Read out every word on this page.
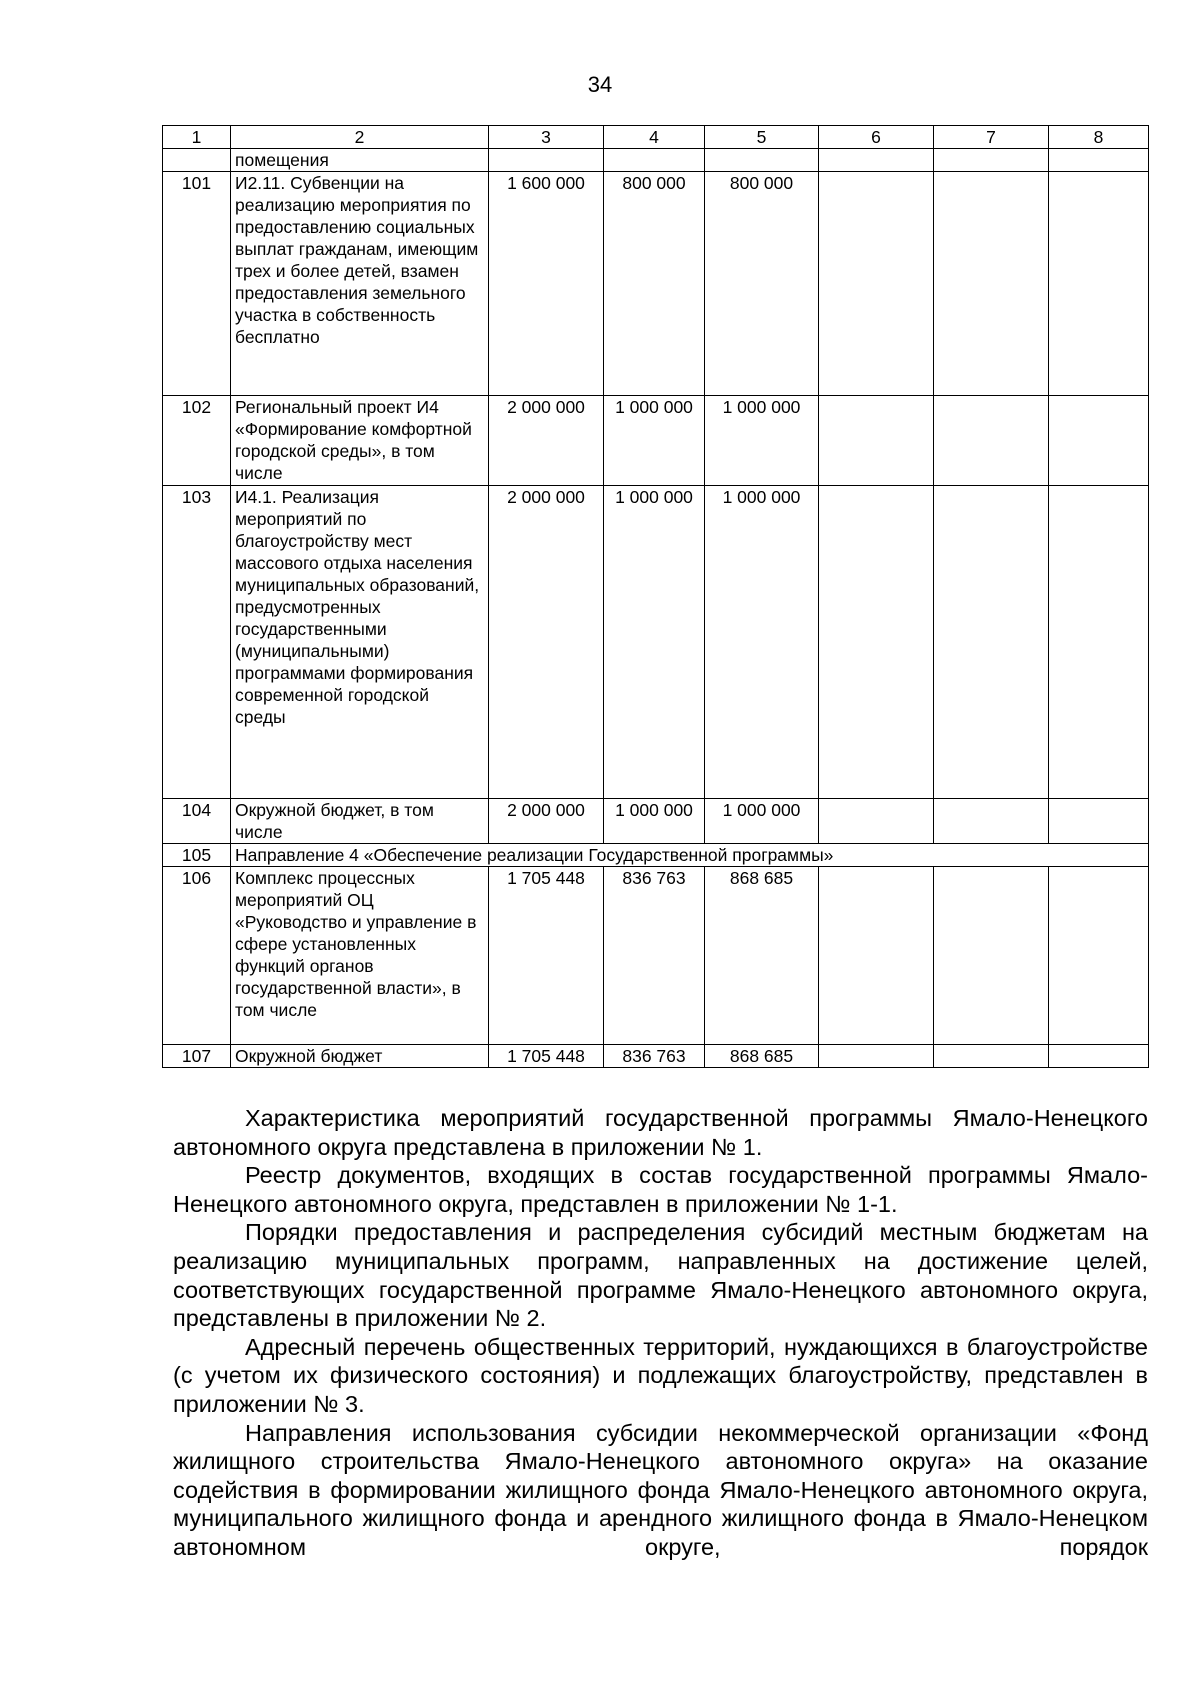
34
1	2	3	4	5	6	7	8
	помещения						
101	И2.11. Субвенции на реализацию мероприятия по предоставлению социальных выплат гражданам, имеющим трех и более детей, взамен предоставления земельного участка в собственность бесплатно	1 600 000	800 000	800 000			
102	Региональный проект И4 «Формирование комфортной городской среды», в том числе	2 000 000	1 000 000	1 000 000			
103	И4.1. Реализация мероприятий по благоустройству мест массового отдыха населения муниципальных образований, предусмотренных государственными (муниципальными) программами формирования современной городской среды	2 000 000	1 000 000	1 000 000			
104	Окружной бюджет, в том числе	2 000 000	1 000 000	1 000 000			
105	Направление 4 «Обеспечение реализации Государственной программы»						
106	Комплекс процессных мероприятий ОЦ «Руководство и управление в сфере установленных функций органов государственной власти», в том числе	1 705 448	836 763	868 685			
107	Окружной бюджет	1 705 448	836 763	868 685			

Характеристика мероприятий государственной программы Ямало-Ненецкого автономного округа представлена в приложении № 1.

Реестр документов, входящих в состав государственной программы Ямало-Ненецкого автономного округа, представлен в приложении № 1-1.

Порядки предоставления и распределения субсидий местным бюджетам на реализацию муниципальных программ, направленных на достижение целей, соответствующих государственной программе Ямало-Ненецкого автономного округа, представлены в приложении № 2.

Адресный перечень общественных территорий, нуждающихся в благоустройстве (с учетом их физического состояния) и подлежащих благоустройству, представлен в приложении № 3.

Направления использования субсидии некоммерческой организации «Фонд жилищного строительства Ямало-Ненецкого автономного округа» на оказание содействия в формировании жилищного фонда Ямало-Ненецкого автономного округа, муниципального жилищного фонда и арендного жилищного фонда в Ямало-Ненецком автономном округе, порядок
